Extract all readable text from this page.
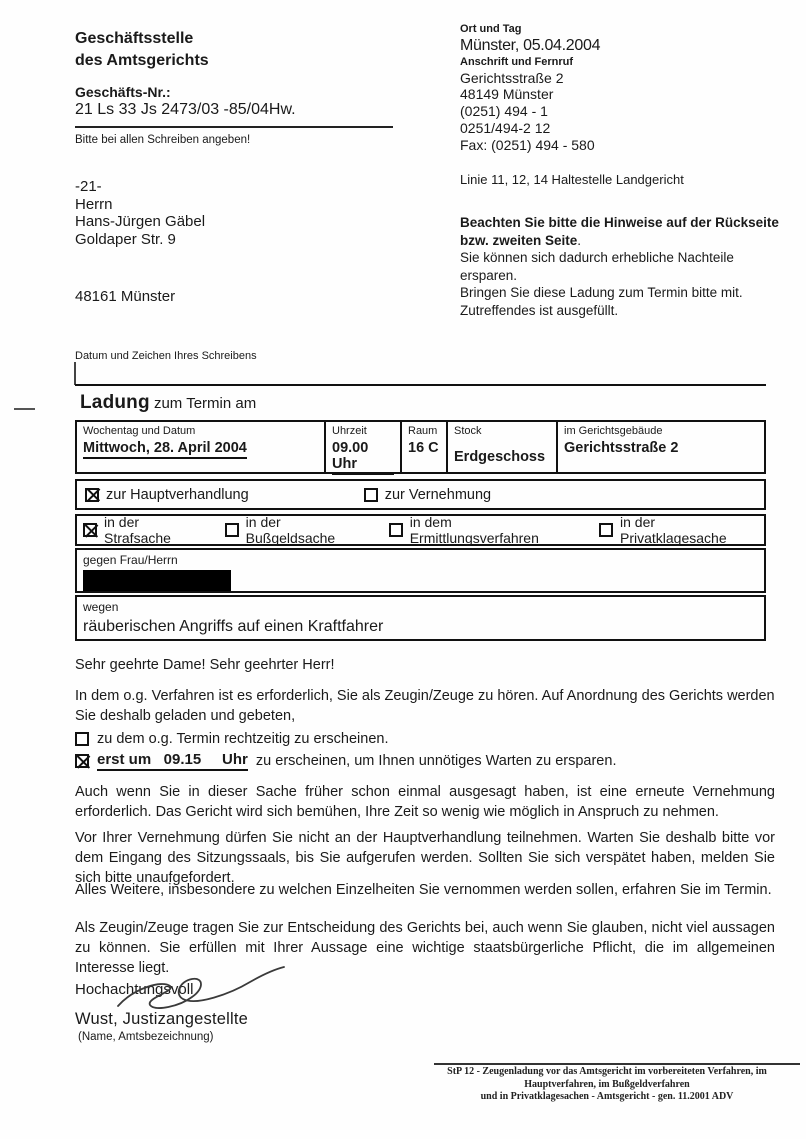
Geschäftsstelle
des Amtsgerichts
Geschäfts-Nr.:
21 Ls 33 Js 2473/03 -85/04Hw.
Bitte bei allen Schreiben angeben!
Ort und Tag
Münster, 05.04.2004
Anschrift und Fernruf
Gerichtsstraße 2
48149 Münster
(0251) 494 - 1
0251/494-2 12
Fax: (0251) 494 - 580
Linie 11, 12, 14 Haltestelle Landgericht
-21-
Herrn
Hans-Jürgen Gäbel
Goldaper Str. 9
48161 Münster
Beachten Sie bitte die Hinweise auf der Rückseite bzw. zweiten Seite.
Sie können sich dadurch erhebliche Nachteile ersparen.
Bringen Sie diese Ladung zum Termin bitte mit.
Zutreffendes ist ausgefüllt.
Datum und Zeichen Ihres Schreibens
Ladung zum Termin am
Wochentag und Datum
Mittwoch, 28. April 2004
Uhrzeit
09.00 Uhr
Raum
16 C
Stock
Erdgeschoss
im Gerichtsgebäude
Gerichtsstraße 2
zur Hauptverhandlung	zur Vernehmung
in der Strafsache
in der Bußgeldsache
in dem Ermittlungsverfahren
in der Privatklagesache
gegen Frau/Herrn
wegen
räuberischen Angriffs auf einen Kraftfahrer
Sehr geehrte Dame! Sehr geehrter Herr!
In dem o.g. Verfahren ist es erforderlich, Sie als Zeugin/Zeuge zu hören. Auf Anordnung des Gerichts werden Sie deshalb geladen und gebeten,
zu dem o.g. Termin rechtzeitig zu erscheinen.
erst um   09.15     Uhr zu erscheinen, um Ihnen unnötiges Warten zu ersparen.
Auch wenn Sie in dieser Sache früher schon einmal ausgesagt haben, ist eine erneute Vernehmung erforderlich. Das Gericht wird sich bemühen, Ihre Zeit so wenig wie möglich in Anspruch zu nehmen.
Vor Ihrer Vernehmung dürfen Sie nicht an der Hauptverhandlung teilnehmen. Warten Sie deshalb bitte vor dem Eingang des Sitzungssaals, bis Sie aufgerufen werden. Sollten Sie sich verspätet haben, melden Sie sich bitte unaufgefordert.
Alles Weitere, insbesondere zu welchen Einzelheiten Sie vernommen werden sollen, erfahren Sie im Termin.
Als Zeugin/Zeuge tragen Sie zur Entscheidung des Gerichts bei, auch wenn Sie glauben, nicht viel aussagen zu können. Sie erfüllen mit Ihrer Aussage eine wichtige staatsbürgerliche Pflicht, die im allgemeinen Interesse liegt.
Hochachtungsvoll
Wust, Justizangestellte
(Name, Amtsbezeichnung)
StP 12 - Zeugenladung vor das Amtsgericht im vorbereiteten Verfahren, im Hauptverfahren, im Bußgeldverfahren
und in Privatklagesachen - Amtsgericht - gen. 11.2001 ADV
